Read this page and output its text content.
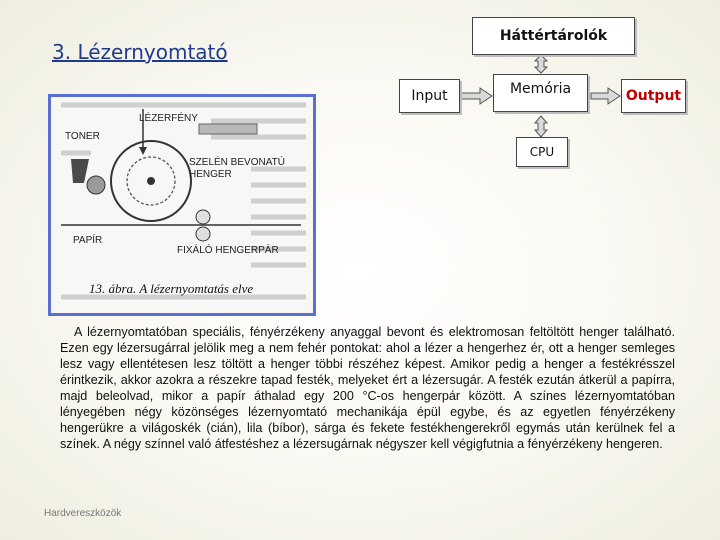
3. Lézernyomtató
Háttértárolók
Input	Memória	Output
CPU
LÉZERFÉNY
TONER
SZELÉN BEVONATÚ
HENGER
PAPÍR
FIXÁLÓ HENGERPÁR
13. ábra. A lézernyomtatás elve

A lézernyomtatóban speciális, fényérzékeny anyaggal bevont és elektromosan feltöltött henger található. Ezen egy lézersugárral jelölik meg a nem fehér pontokat: ahol a lézer a hengerhez ér, ott a henger semleges lesz vagy ellentétesen lesz töltött a henger többi részéhez képest. Amikor pedig a henger a festékrésszel érintkezik, akkor azokra a részekre tapad festék, melyeket ért a lézersugár. A festék ezután átkerül a papírra, majd beleolvad, mikor a papír áthalad egy 200 °C-os hengerpár között. A színes lézernyomtatóban lényegében négy közönséges lézernyomtató mechanikája épül egybe, és az egyetlen fényérzékeny hengerükre a világoskék (cián), lila (bíbor), sárga és fekete festékhengerekről egymás után kerülnek fel a színek. A négy színnel való átfestéshez a lézersugárnak négyszer kell végigfutnia a fényérzékeny hengeren.

Hardvereszközök
